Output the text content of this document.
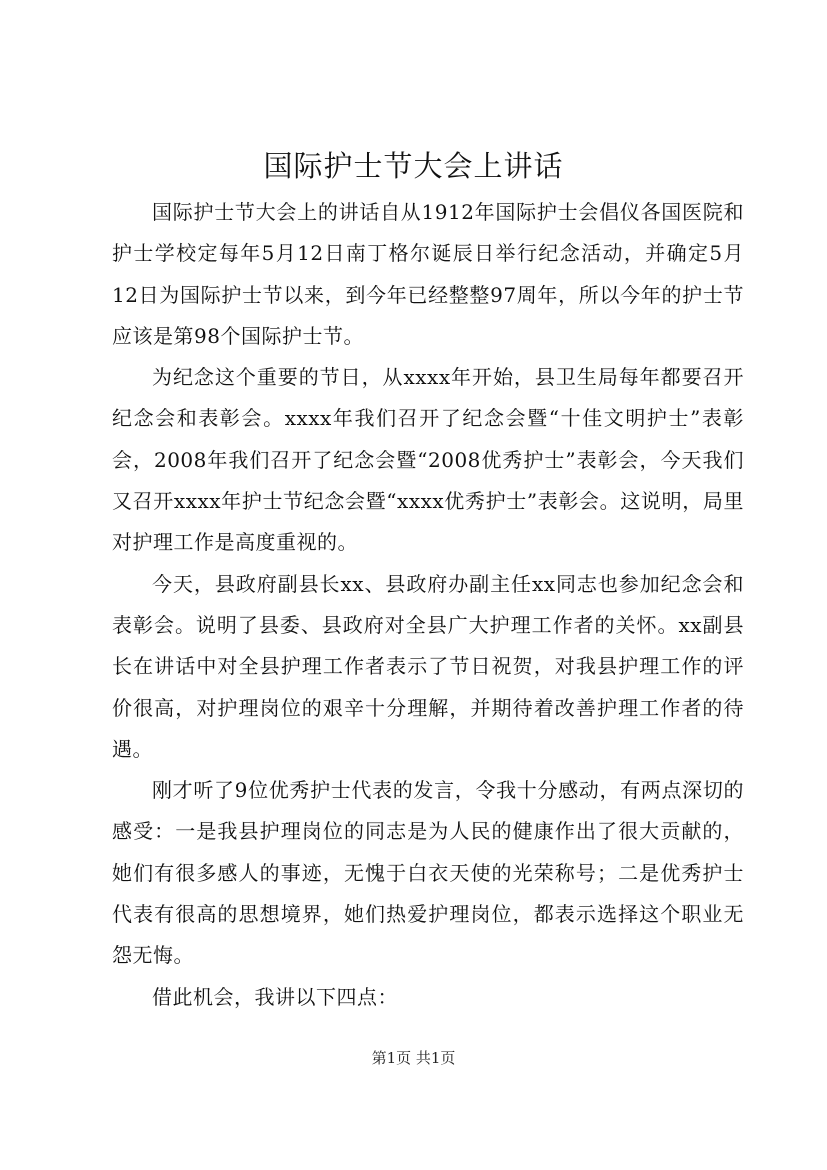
国际护士节大会上讲话

国际护士节大会上的讲话自从1912年国际护士会倡仪各国医院和护士学校定每年5月12日南丁格尔诞辰日举行纪念活动，并确定5月12日为国际护士节以来，到今年已经整整97周年，所以今年的护士节应该是第98个国际护士节。

为纪念这个重要的节日，从xxxx年开始，县卫生局每年都要召开纪念会和表彰会。xxxx年我们召开了纪念会暨“十佳文明护士”表彰会，2008年我们召开了纪念会暨“2008优秀护士”表彰会，今天我们又召开xxxx年护士节纪念会暨“xxxx优秀护士”表彰会。这说明，局里对护理工作是高度重视的。

今天，县政府副县长xx、县政府办副主任xx同志也参加纪念会和表彰会。说明了县委、县政府对全县广大护理工作者的关怀。xx副县长在讲话中对全县护理工作者表示了节日祝贺，对我县护理工作的评价很高，对护理岗位的艰辛十分理解，并期待着改善护理工作者的待遇。

刚才听了9位优秀护士代表的发言，令我十分感动，有两点深切的感受：一是我县护理岗位的同志是为人民的健康作出了很大贡献的，她们有很多感人的事迹，无愧于白衣天使的光荣称号；二是优秀护士代表有很高的思想境界，她们热爱护理岗位，都表示选择这个职业无怨无悔。

借此机会，我讲以下四点：

第1页 共1页
